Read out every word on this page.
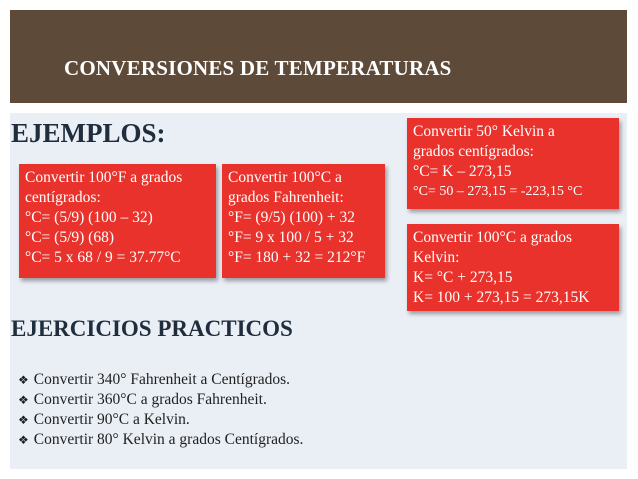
CONVERSIONES DE TEMPERATURAS
EJEMPLOS:
Convertir 100°F a grados
centígrados:
°C= (5/9) (100 – 32)
°C= (5/9) (68)
°C= 5 x 68 / 9 = 37.77°C
Convertir 100°C a
grados Fahrenheit:
°F= (9/5) (100) + 32
°F= 9 x 100 / 5 + 32
°F= 180 + 32 = 212°F
Convertir 50° Kelvin a
grados centígrados:
°C= K – 273,15
°C= 50 – 273,15 = -223,15 °C
Convertir 100°C a grados
Kelvin:
K= °C + 273,15
K= 100 + 273,15 = 273,15K
EJERCICIOS PRACTICOS
❖ Convertir 340° Fahrenheit a Centígrados.
❖ Convertir 360°C a grados Fahrenheit.
❖ Convertir 90°C a Kelvin.
❖ Convertir 80° Kelvin a grados Centígrados.
